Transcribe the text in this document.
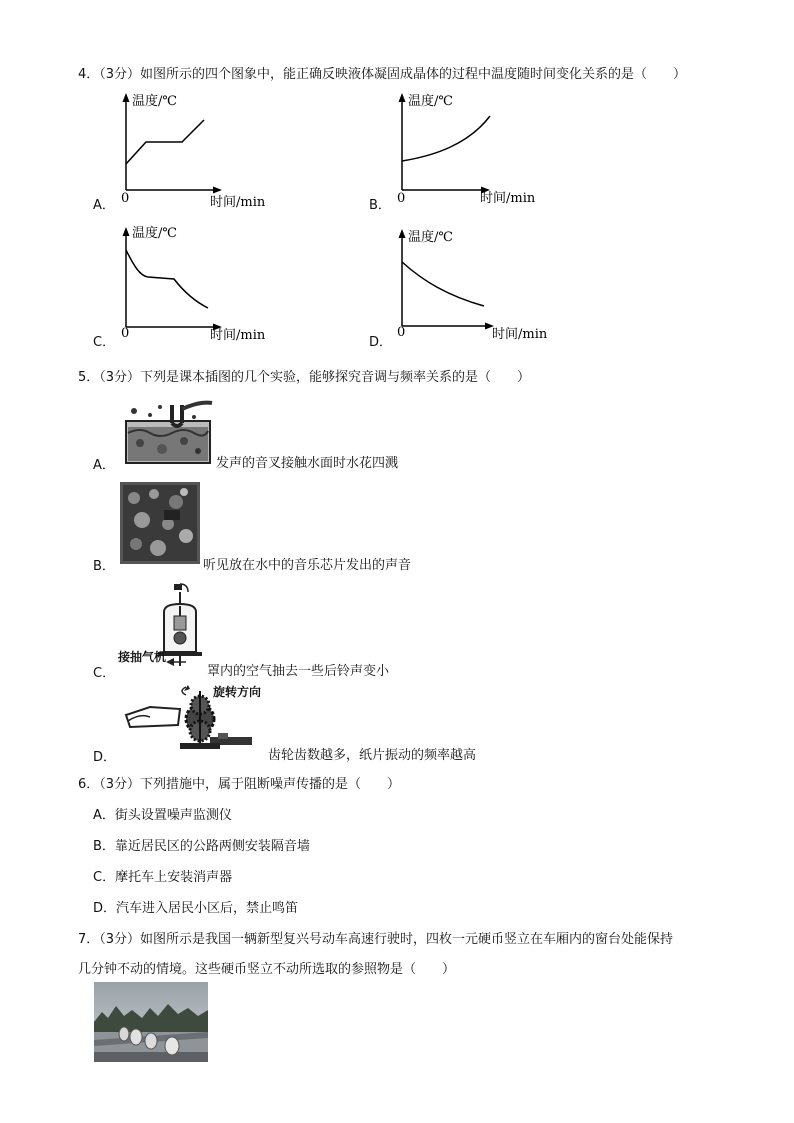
4．（3分）如图所示的四个图象中，能正确反映液体凝固成晶体的过程中温度随时间变化关系的是（　　）
温度/℃
0	时间/min
A．
温度/℃
0	时间/min
B．
温度/℃
0	时间/min
C．
温度/℃
0	时间/min
D．
5．（3分）下列是课本插图的几个实验，能够探究音调与频率关系的是（　　）
A．	发声的音叉接触水面时水花四溅
B．	听见放在水中的音乐芯片发出的声音
接抽气机
C．	罩内的空气抽去一些后铃声变小
旋转方向
D．	齿轮齿数越多，纸片振动的频率越高
6．（3分）下列措施中，属于阻断噪声传播的是（　　）
A．街头设置噪声监测仪
B．靠近居民区的公路两侧安装隔音墙
C．摩托车上安装消声器
D．汽车进入居民小区后，禁止鸣笛
7．（3分）如图所示是我国一辆新型复兴号动车高速行驶时，四枚一元硬币竖立在车厢内的窗台处能保持
几分钟不动的情境。这些硬币竖立不动所选取的参照物是（　　）
